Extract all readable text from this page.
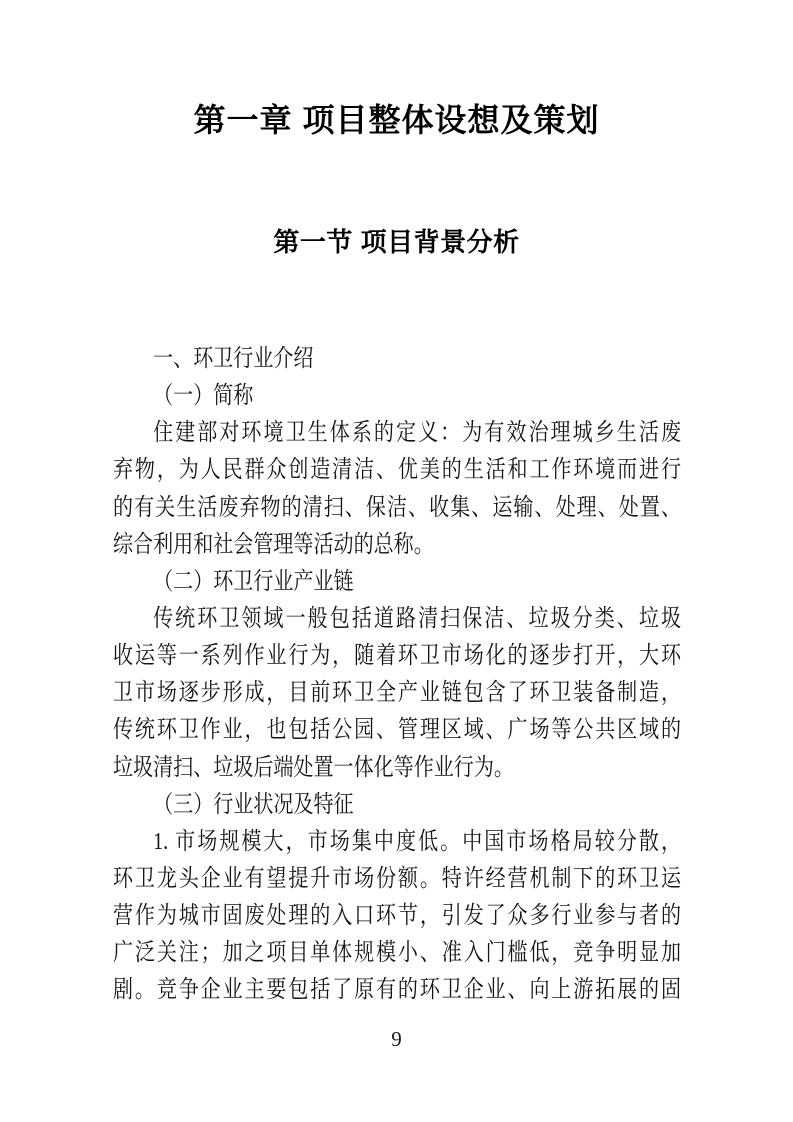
第一章 项目整体设想及策划
第一节 项目背景分析
一、环卫行业介绍
（一）简称
住建部对环境卫生体系的定义：为有效治理城乡生活废
弃物，为人民群众创造清洁、优美的生活和工作环境而进行
的有关生活废弃物的清扫、保洁、收集、运输、处理、处置、
综合利用和社会管理等活动的总称。
（二）环卫行业产业链
传统环卫领域一般包括道路清扫保洁、垃圾分类、垃圾
收运等一系列作业行为，随着环卫市场化的逐步打开，大环
卫市场逐步形成，目前环卫全产业链包含了环卫装备制造，
传统环卫作业，也包括公园、管理区域、广场等公共区域的
垃圾清扫、垃圾后端处置一体化等作业行为。
（三）行业状况及特征
1. 市场规模大，市场集中度低。中国市场格局较分散，
环卫龙头企业有望提升市场份额。特许经营机制下的环卫运
营作为城市固废处理的入口环节，引发了众多行业参与者的
广泛关注；加之项目单体规模小、准入门槛低，竞争明显加
剧。竞争企业主要包括了原有的环卫企业、向上游拓展的固
9
